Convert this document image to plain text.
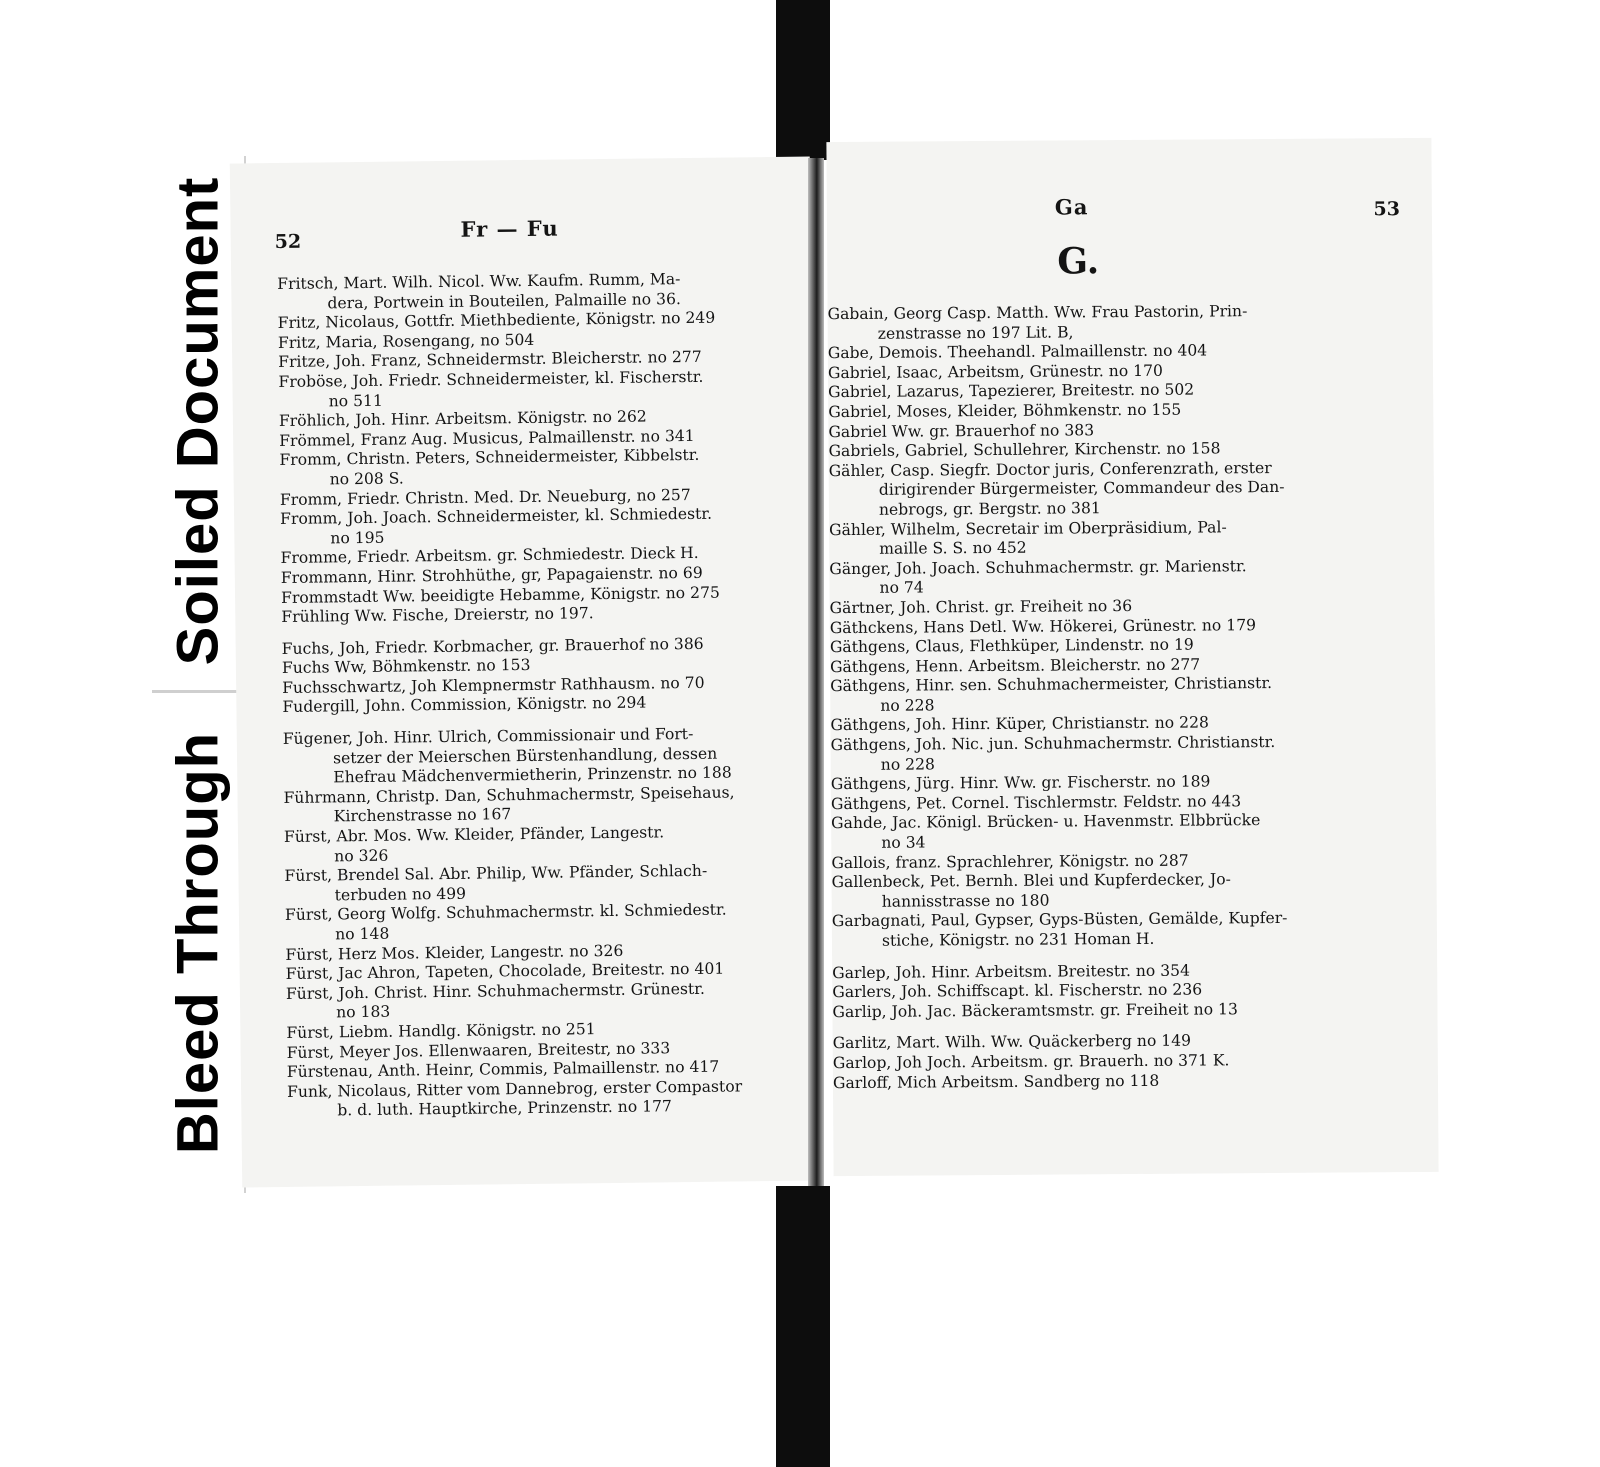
Soiled Document
Bleed Through
52
Fr — Fu
Fritsch, Mart. Wilh. Nicol. Ww. Kaufm. Rumm, Ma-
dera, Portwein in Bouteilen, Palmaille no 36.
Fritz, Nicolaus, Gottfr. Miethbediente, Königstr. no 249
Fritz, Maria, Rosengang, no 504
Fritze, Joh. Franz, Schneidermstr. Bleicherstr. no 277
Froböse, Joh. Friedr. Schneidermeister, kl. Fischerstr.
no 511
Fröhlich, Joh. Hinr. Arbeitsm. Königstr. no 262
Frömmel, Franz Aug. Musicus, Palmaillenstr. no 341
Fromm, Christn. Peters, Schneidermeister, Kibbelstr.
no 208 S.
Fromm, Friedr. Christn. Med. Dr. Neueburg, no 257
Fromm, Joh. Joach. Schneidermeister, kl. Schmiedestr.
no 195
Fromme, Friedr. Arbeitsm. gr. Schmiedestr. Dieck H.
Frommann, Hinr. Strohhüthe, gr, Papagaienstr. no 69
Frommstadt Ww. beeidigte Hebamme, Königstr. no 275
Frühling Ww. Fische, Dreierstr, no 197.
Fuchs, Joh, Friedr. Korbmacher, gr. Brauerhof no 386
Fuchs Ww, Böhmkenstr. no 153
Fuchsschwartz, Joh Klempnermstr Rathhausm. no 70
Fudergill, John. Commission, Königstr. no 294
Fügener, Joh. Hinr. Ulrich, Commissionair und Fort-
setzer der Meierschen Bürstenhandlung, dessen
Ehefrau Mädchenvermietherin, Prinzenstr. no 188
Führmann, Christp. Dan, Schuhmachermstr, Speisehaus,
Kirchenstrasse no 167
Fürst, Abr. Mos. Ww. Kleider, Pfänder, Langestr.
no 326
Fürst, Brendel Sal. Abr. Philip, Ww. Pfänder, Schlach-
terbuden no 499
Fürst, Georg Wolfg. Schuhmachermstr. kl. Schmiedestr.
no 148
Fürst, Herz Mos. Kleider, Langestr. no 326
Fürst, Jac Ahron, Tapeten, Chocolade, Breitestr. no 401
Fürst, Joh. Christ. Hinr. Schuhmachermstr. Grünestr.
no 183
Fürst, Liebm. Handlg. Königstr. no 251
Fürst, Meyer Jos. Ellenwaaren, Breitestr, no 333
Fürstenau, Anth. Heinr, Commis, Palmaillenstr. no 417
Funk, Nicolaus, Ritter vom Dannebrog, erster Compastor
b. d. luth. Hauptkirche, Prinzenstr. no 177
Ga	53
G.
Gabain, Georg Casp. Matth. Ww. Frau Pastorin, Prin-
zenstrasse no 197 Lit. B,
Gabe, Demois. Theehandl. Palmaillenstr. no 404
Gabriel, Isaac, Arbeitsm, Grünestr. no 170
Gabriel, Lazarus, Tapezierer, Breitestr. no 502
Gabriel, Moses, Kleider, Böhmkenstr. no 155
Gabriel Ww. gr. Brauerhof no 383
Gabriels, Gabriel, Schullehrer, Kirchenstr. no 158
Gähler, Casp. Siegfr. Doctor juris, Conferenzrath, erster
dirigirender Bürgermeister, Commandeur des Dan-
nebrogs, gr. Bergstr. no 381
Gähler, Wilhelm, Secretair im Oberpräsidium, Pal-
maille S. S. no 452
Gänger, Joh. Joach. Schuhmachermstr. gr. Marienstr.
no 74
Gärtner, Joh. Christ. gr. Freiheit no 36
Gäthckens, Hans Detl. Ww. Hökerei, Grünestr. no 179
Gäthgens, Claus, Flethküper, Lindenstr. no 19
Gäthgens, Henn. Arbeitsm. Bleicherstr. no 277
Gäthgens, Hinr. sen. Schuhmachermeister, Christianstr.
no 228
Gäthgens, Joh. Hinr. Küper, Christianstr. no 228
Gäthgens, Joh. Nic. jun. Schuhmachermstr. Christianstr.
no 228
Gäthgens, Jürg. Hinr. Ww. gr. Fischerstr. no 189
Gäthgens, Pet. Cornel. Tischlermstr. Feldstr. no 443
Gahde, Jac. Königl. Brücken- u. Havenmstr. Elbbrücke
no 34
Gallois, franz. Sprachlehrer, Königstr. no 287
Gallenbeck, Pet. Bernh. Blei und Kupferdecker, Jo-
hannisstrasse no 180
Garbagnati, Paul, Gypser, Gyps-Büsten, Gemälde, Kupfer-
stiche, Königstr. no 231 Homan H.
Garlep, Joh. Hinr. Arbeitsm. Breitestr. no 354
Garlers, Joh. Schiffscapt. kl. Fischerstr. no 236
Garlip, Joh. Jac. Bäckeramtsmstr. gr. Freiheit no 13
Garlitz, Mart. Wilh. Ww. Quäckerberg no 149
Garlop, Joh Joch. Arbeitsm. gr. Brauerh. no 371 K.
Garloff, Mich Arbeitsm. Sandberg no 118
